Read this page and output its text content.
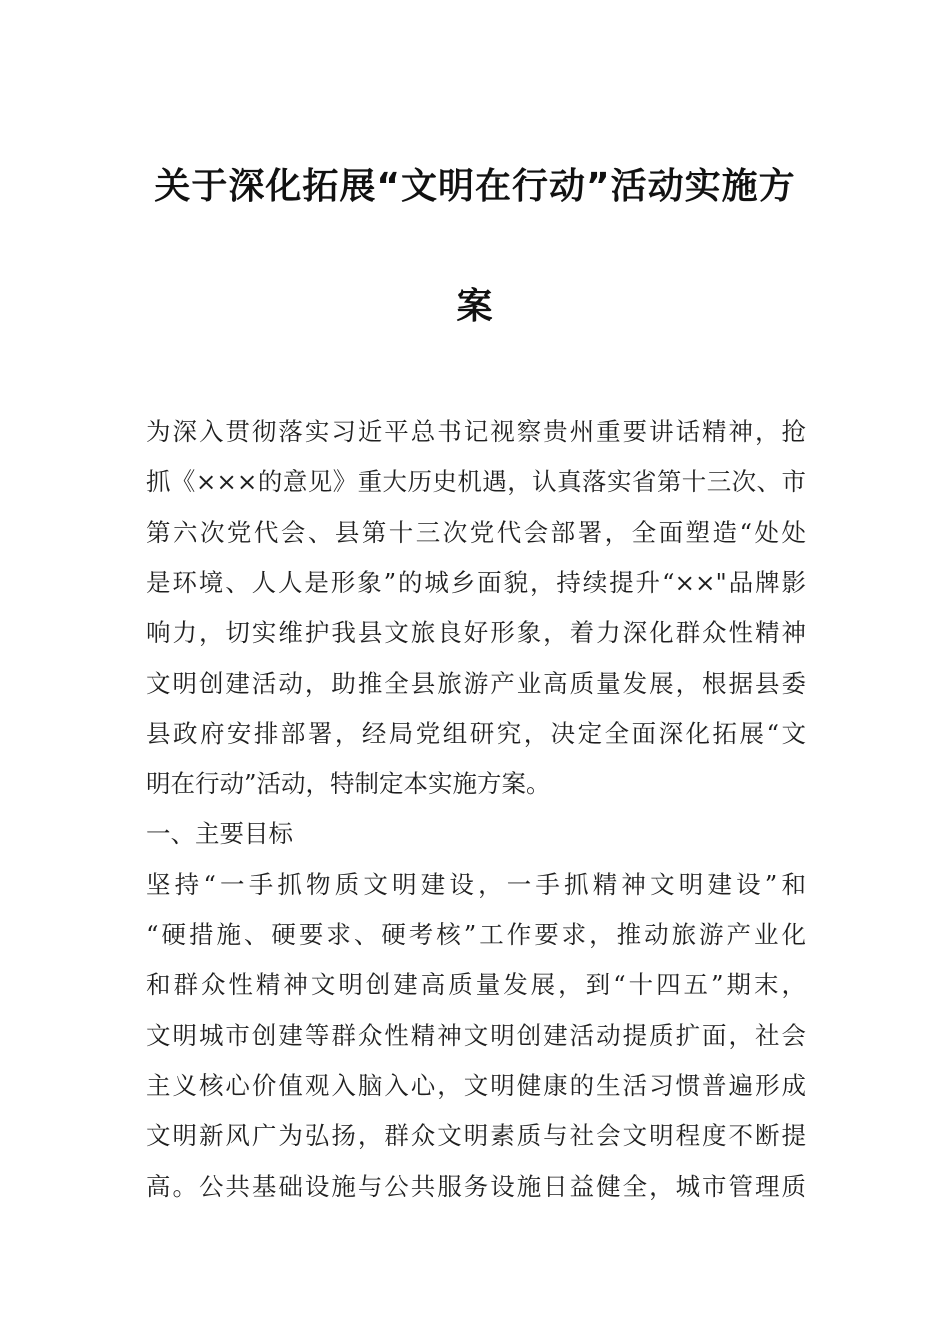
关于深化拓展“文明在行动”活动实施方
案
为深入贯彻落实习近平总书记视察贵州重要讲话精神，抢
抓《×××的意见》重大历史机遇，认真落实省第十三次、市
第六次党代会、县第十三次党代会部署，全面塑造“处处
是环境、人人是形象”的城乡面貌，持续提升“××"品牌影
响力，切实维护我县文旅良好形象，着力深化群众性精神
文明创建活动，助推全县旅游产业高质量发展，根据县委
县政府安排部署，经局党组研究，决定全面深化拓展“文
明在行动”活动，特制定本实施方案。
一、主要目标
坚持“一手抓物质文明建设，一手抓精神文明建设”和
“硬措施、硬要求、硬考核”工作要求，推动旅游产业化
和群众性精神文明创建高质量发展，到“十四五”期末，
文明城市创建等群众性精神文明创建活动提质扩面，社会
主义核心价值观入脑入心，文明健康的生活习惯普遍形成
文明新风广为弘扬，群众文明素质与社会文明程度不断提
高。公共基础设施与公共服务设施日益健全，城市管理质
